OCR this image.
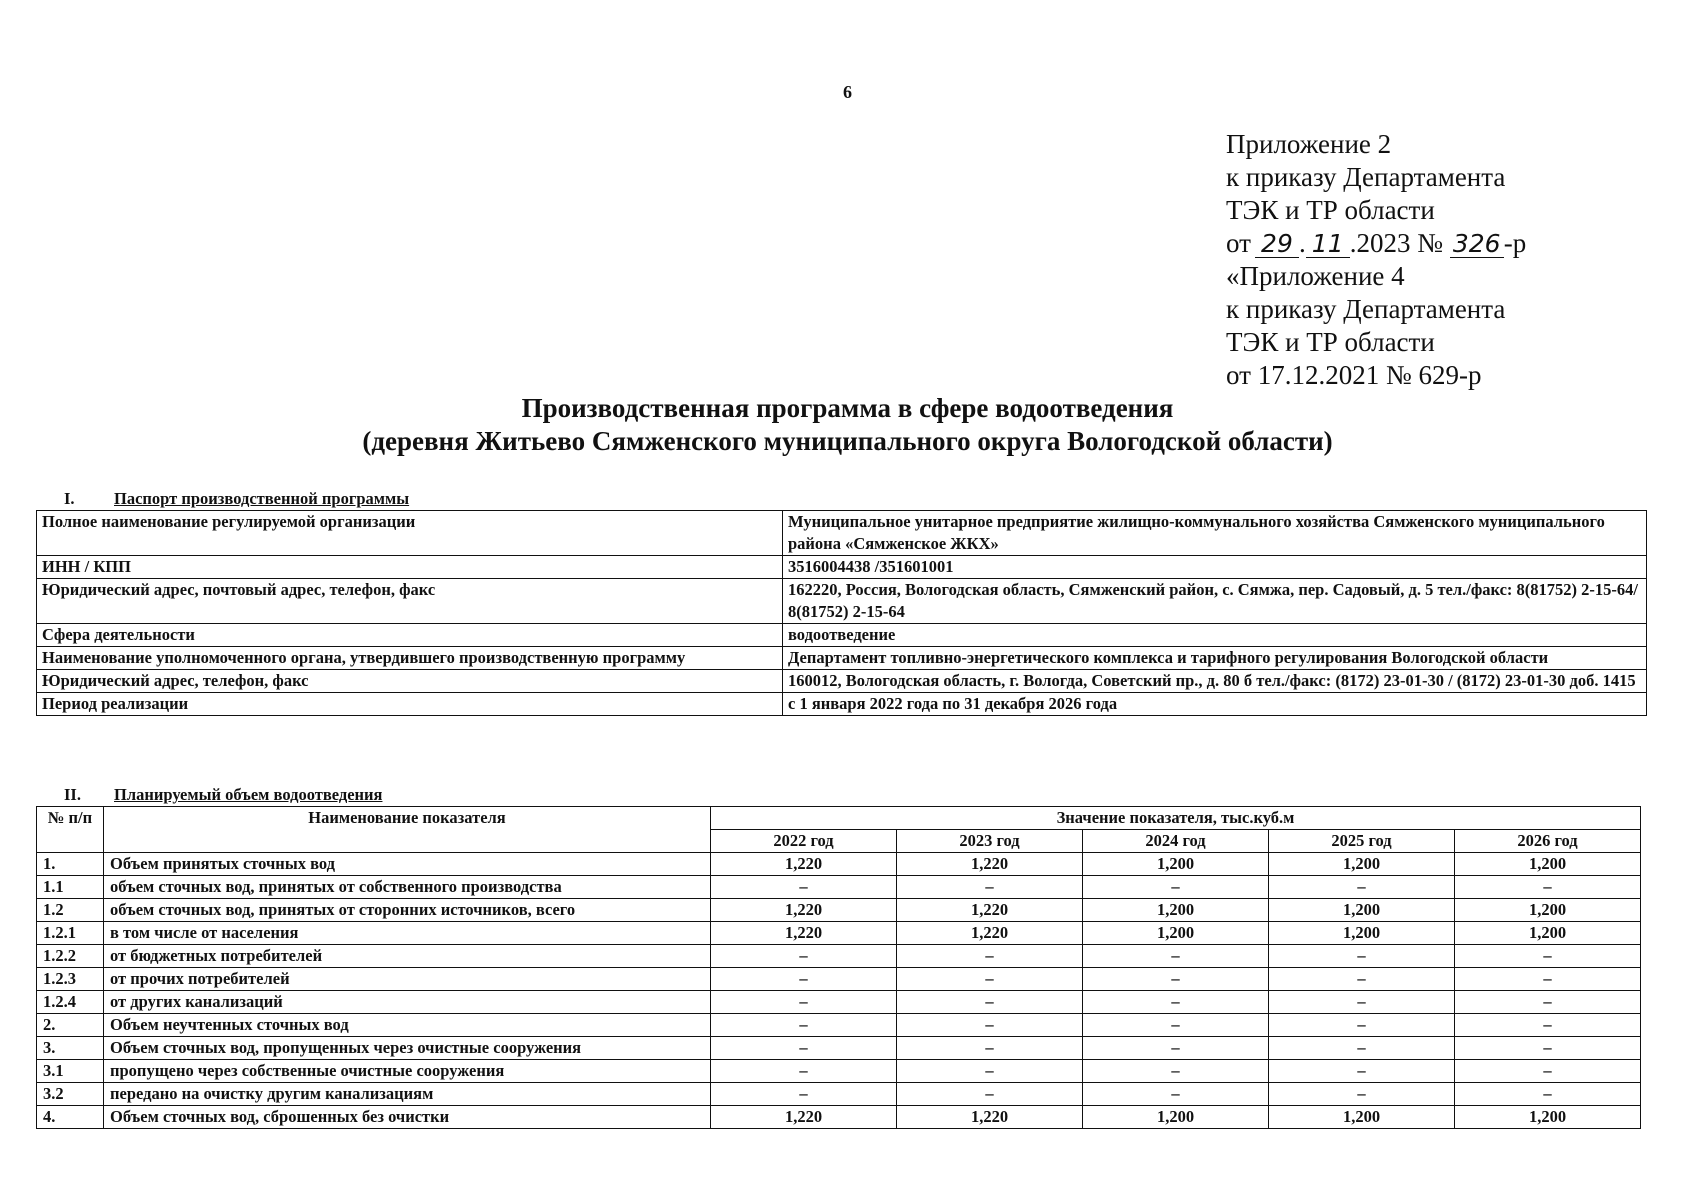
6
Приложение 2
к приказу Департамента
ТЭК и ТР области
от 29 . 11 .2023 № 326 -р
«Приложение 4
к приказу Департамента
ТЭК и ТР области
от 17.12.2021 № 629-р
Производственная программа в сфере водоотведения
(деревня Житьево Сямженского муниципального округа Вологодской области)
I. Паспорт производственной программы
Полное наименование регулируемой организации	Муниципальное унитарное предприятие жилищно-коммунального хозяйства Сямженского муниципального района «Сямженское ЖКХ»
ИНН / КПП	3516004438 /351601001
Юридический адрес, почтовый адрес, телефон, факс	162220, Россия, Вологодская область, Сямженский район, с. Сямжа, пер. Садовый, д. 5 тел./факс: 8(81752) 2-15-64/ 8(81752) 2-15-64
Сфера деятельности	водоотведение
Наименование уполномоченного органа, утвердившего производственную программу	Департамент топливно-энергетического комплекса и тарифного регулирования Вологодской области
Юридический адрес, телефон, факс	160012, Вологодская область, г. Вологда, Советский пр., д. 80 б тел./факс: (8172) 23-01-30 / (8172) 23-01-30 доб. 1415
Период реализации	с 1 января 2022 года по 31 декабря 2026 года
II. Планируемый объем водоотведения
№ п/п	Наименование показателя	Значение показателя, тыс.куб.м				
		2022 год	2023 год	2024 год	2025 год	2026 год
1.	Объем принятых сточных вод	1,220	1,220	1,200	1,200	1,200
1.1	объем сточных вод, принятых от собственного производства	–	–	–	–	–
1.2	объем сточных вод, принятых от сторонних источников, всего	1,220	1,220	1,200	1,200	1,200
1.2.1	в том числе от населения	1,220	1,220	1,200	1,200	1,200
1.2.2	от бюджетных потребителей	–	–	–	–	–
1.2.3	от прочих потребителей	–	–	–	–	–
1.2.4	от других канализаций	–	–	–	–	–
2.	Объем неучтенных сточных вод	–	–	–	–	–
3.	Объем сточных вод, пропущенных через очистные сооружения	–	–	–	–	–
3.1	пропущено через собственные очистные сооружения	–	–	–	–	–
3.2	передано на очистку другим канализациям	–	–	–	–	–
4.	Объем сточных вод, сброшенных без очистки	1,220	1,220	1,200	1,200	1,200
